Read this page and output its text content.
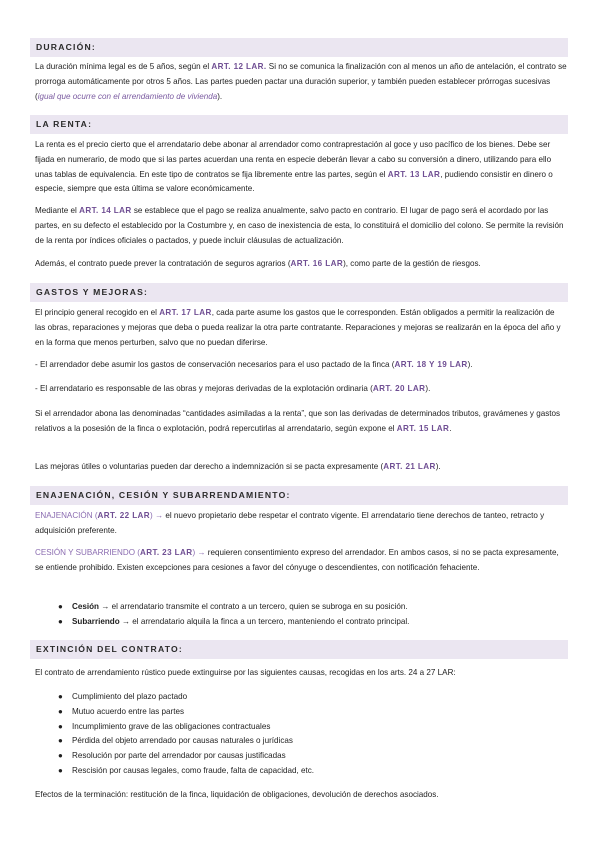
DURACIÓN:

La duración mínima legal es de 5 años, según el ART. 12 LAR. Si no se comunica la finalización con al menos un año de antelación, el contrato se prorroga automáticamente por otros 5 años. Las partes pueden pactar una duración superior, y también pueden establecer prórrogas sucesivas (igual que ocurre con el arrendamiento de vivienda).

LA RENTA:

La renta es el precio cierto que el arrendatario debe abonar al arrendador como contraprestación al goce y uso pacífico de los bienes. Debe ser fijada en numerario, de modo que si las partes acuerdan una renta en especie deberán llevar a cabo su conversión a dinero, utilizando para ello unas tablas de equivalencia. En este tipo de contratos se fija libremente entre las partes, según el ART. 13 LAR, pudiendo consistir en dinero o especie, siempre que esta última se valore económicamente.

Mediante el ART. 14 LAR se establece que el pago se realiza anualmente, salvo pacto en contrario. El lugar de pago será el acordado por las partes, en su defecto el establecido por la Costumbre y, en caso de inexistencia de esta, lo constituirá el domicilio del colono. Se permite la revisión de la renta por índices oficiales o pactados, y puede incluir cláusulas de actualización.

Además, el contrato puede prever la contratación de seguros agrarios (ART. 16 LAR), como parte de la gestión de riesgos.

GASTOS Y MEJORAS:

El principio general recogido en el ART. 17 LAR, cada parte asume los gastos que le corresponden. Están obligados a permitir la realización de las obras, reparaciones y mejoras que deba o pueda realizar la otra parte contratante. Reparaciones y mejoras se realizarán en la época del año y en la forma que menos perturben, salvo que no puedan diferirse.

- El arrendador debe asumir los gastos de conservación necesarios para el uso pactado de la finca (ART. 18 Y 19 LAR).

- El arrendatario es responsable de las obras y mejoras derivadas de la explotación ordinaria (ART. 20 LAR).

Si el arrendador abona las denominadas “cantidades asimiladas a la renta”, que son las derivadas de determinados tributos, gravámenes y gastos relativos a la posesión de la finca o explotación, podrá repercutirlas al arrendatario, según expone el ART. 15 LAR.

Las mejoras útiles o voluntarias pueden dar derecho a indemnización si se pacta expresamente (ART. 21 LAR).

ENAJENACIÓN, CESIÓN Y SUBARRENDAMIENTO:

ENAJENACIÓN (ART. 22 LAR) → el nuevo propietario debe respetar el contrato vigente. El arrendatario tiene derechos de tanteo, retracto y adquisición preferente.

CESIÓN Y SUBARRIENDO (ART. 23 LAR) → requieren consentimiento expreso del arrendador. En ambos casos, si no se pacta expresamente, se entiende prohibido. Existen excepciones para cesiones a favor del cónyuge o descendientes, con notificación fehaciente.

● Cesión → el arrendatario transmite el contrato a un tercero, quien se subroga en su posición.
● Subarriendo → el arrendatario alquila la finca a un tercero, manteniendo el contrato principal.
EXTINCIÓN DEL CONTRATO:

El contrato de arrendamiento rústico puede extinguirse por las siguientes causas, recogidas en los arts. 24 a 27 LAR:

● Cumplimiento del plazo pactado
● Mutuo acuerdo entre las partes
● Incumplimiento grave de las obligaciones contractuales
● Pérdida del objeto arrendado por causas naturales o jurídicas
● Resolución por parte del arrendador por causas justificadas
● Rescisión por causas legales, como fraude, falta de capacidad, etc.

Efectos de la terminación: restitución de la finca, liquidación de obligaciones, devolución de derechos asociados.
